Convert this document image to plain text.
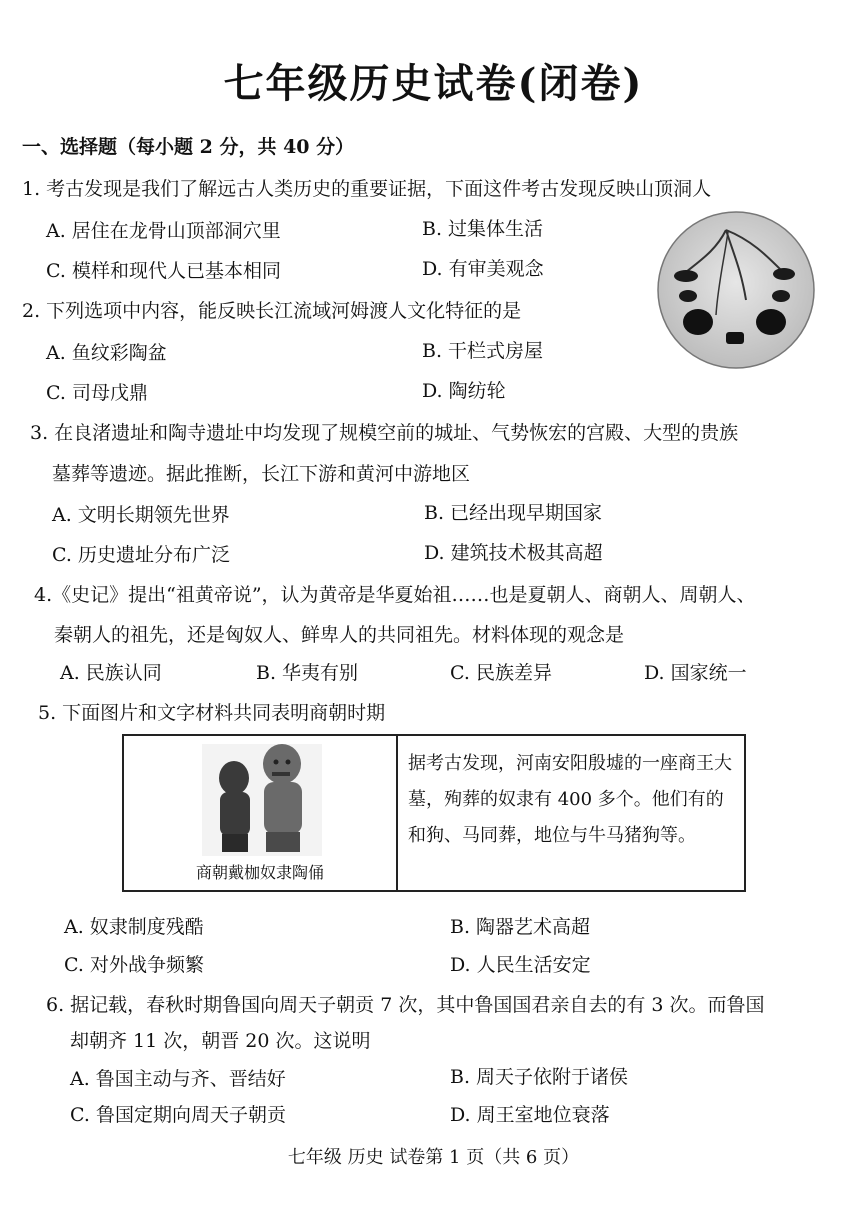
七年级历史试卷(闭卷)
一、选择题（每小题 2 分，共 40 分）
1. 考古发现是我们了解远古人类历史的重要证据，下面这件考古发现反映山顶洞人
A. 居住在龙骨山顶部洞穴里	B. 过集体生活
C. 模样和现代人已基本相同	D. 有审美观念
2. 下列选项中内容，能反映长江流域河姆渡人文化特征的是
A. 鱼纹彩陶盆	B. 干栏式房屋
C. 司母戊鼎	D. 陶纺轮
3. 在良渚遗址和陶寺遗址中均发现了规模空前的城址、气势恢宏的宫殿、大型的贵族
墓葬等遗迹。据此推断，长江下游和黄河中游地区
A. 文明长期领先世界	B. 已经出现早期国家
C. 历史遗址分布广泛	D. 建筑技术极其高超
4.《史记》提出“祖黄帝说”，认为黄帝是华夏始祖……也是夏朝人、商朝人、周朝人、
秦朝人的祖先，还是匈奴人、鲜卑人的共同祖先。材料体现的观念是
A. 民族认同	B. 华夷有别	C. 民族差异	D. 国家统一
5. 下面图片和文字材料共同表明商朝时期
商朝戴枷奴隶陶俑
据考古发现，河南安阳殷墟的一座商王大墓，殉葬的奴隶有 400 多个。他们有的和狗、马同葬，地位与牛马猪狗等。
A. 奴隶制度残酷	B. 陶器艺术高超
C. 对外战争频繁	D. 人民生活安定
6. 据记载，春秋时期鲁国向周天子朝贡 7 次，其中鲁国国君亲自去的有 3 次。而鲁国
却朝齐 11 次，朝晋 20 次。这说明
A. 鲁国主动与齐、晋结好	B. 周天子依附于诸侯
C. 鲁国定期向周天子朝贡	D. 周王室地位衰落
七年级 历史 试卷第 1 页（共 6 页）
